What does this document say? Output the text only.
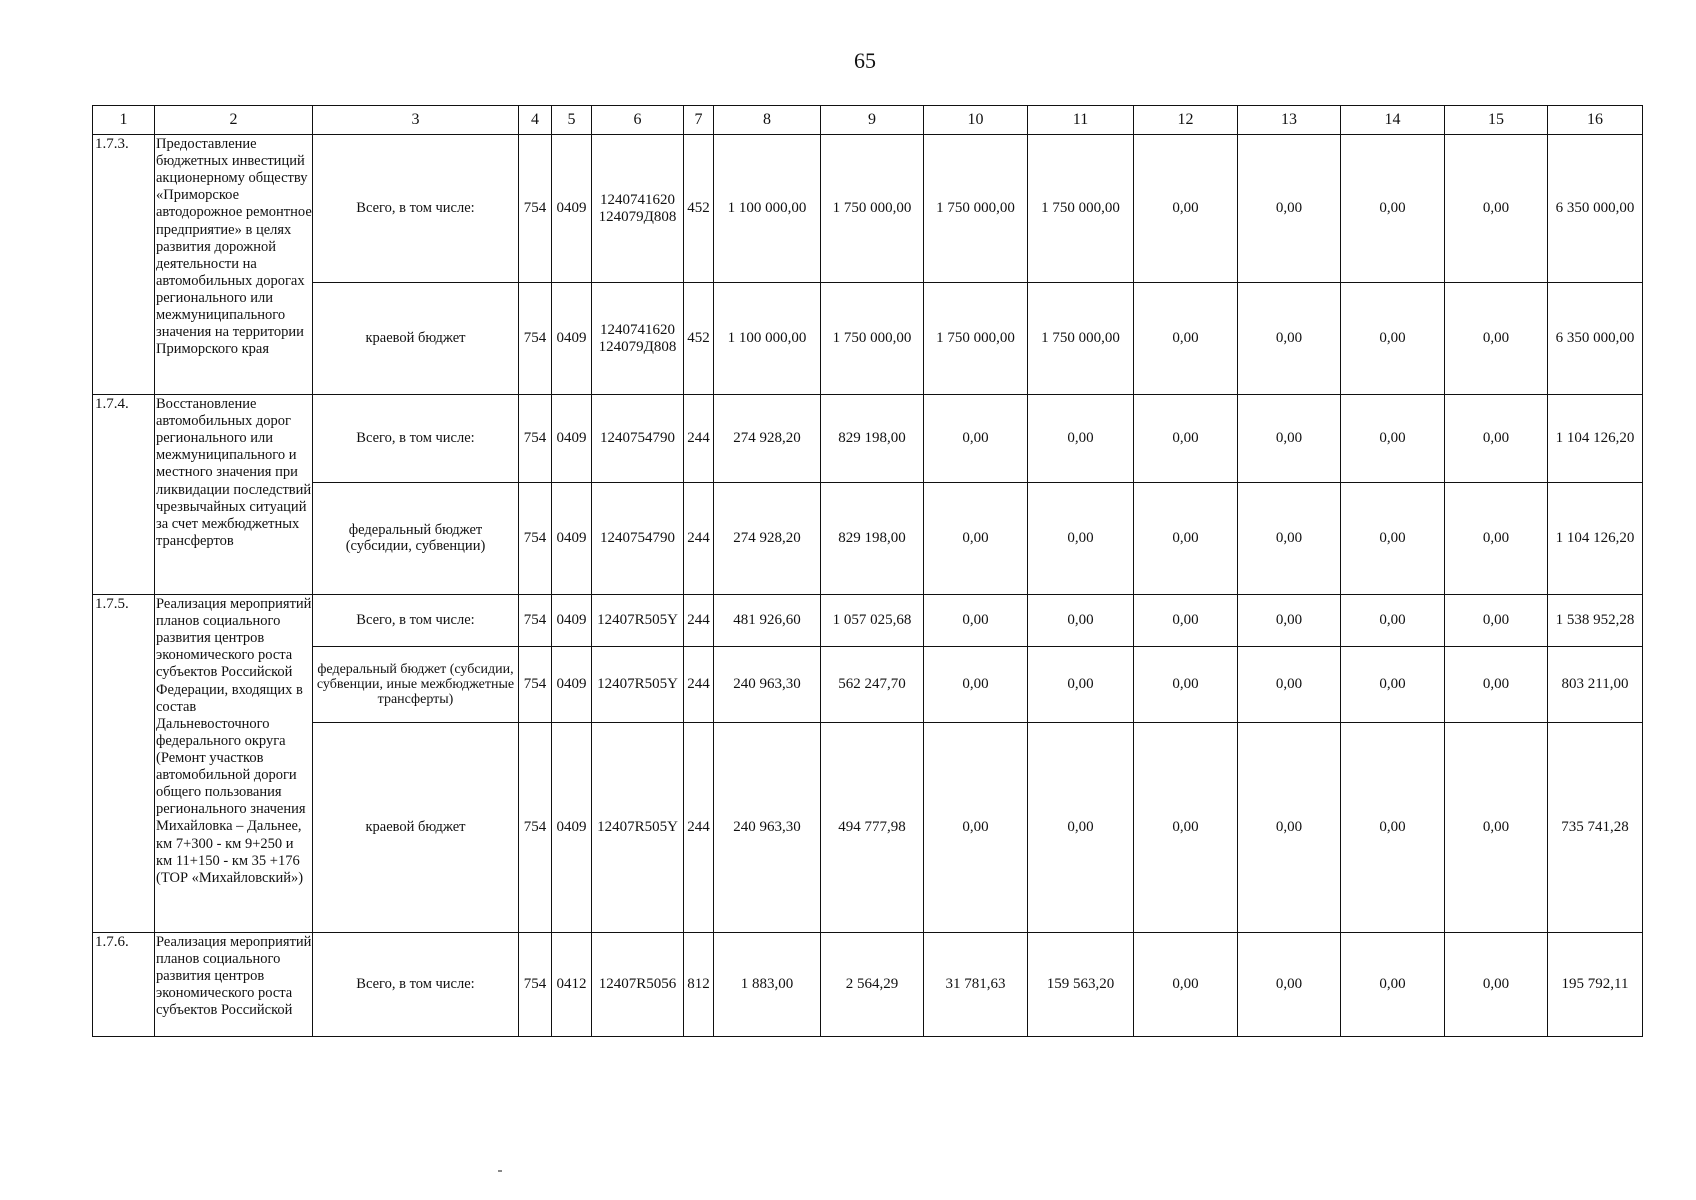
65
1	2	3	4	5	6	7	8	9	10	11	12	13	14	15	16
1.7.3.	Предоставление бюджетных инвестиций акционерному обществу «Приморское автодорожное ремонтное предприятие» в целях развития дорожной деятельности на автомобильных дорогах регионального или межмуниципального значения на территории Приморского края	Всего, в том числе:	754	0409	1240741620
124079Д808	452	1 100 000,00	1 750 000,00	1 750 000,00	1 750 000,00	0,00	0,00	0,00	0,00	6 350 000,00
		краевой бюджет	754	0409	1240741620
124079Д808	452	1 100 000,00	1 750 000,00	1 750 000,00	1 750 000,00	0,00	0,00	0,00	0,00	6 350 000,00
1.7.4.	Восстановление автомобильных дорог регионального или межмуниципального и местного значения при ликвидации последствий чрезвычайных ситуаций за счет межбюджетных трансфертов	Всего, в том числе:	754	0409	1240754790	244	274 928,20	829 198,00	0,00	0,00	0,00	0,00	0,00	0,00	1 104 126,20
		федеральный бюджет (субсидии, субвенции)	754	0409	1240754790	244	274 928,20	829 198,00	0,00	0,00	0,00	0,00	0,00	0,00	1 104 126,20
1.7.5.	Реализация мероприятий планов социального развития центров экономического роста субъектов Российской Федерации, входящих в состав Дальневосточного федерального округа (Ремонт участков автомобильной дороги общего пользования регионального значения Михайловка – Дальнее, км 7+300 - км 9+250 и км 11+150 - км 35 +176 (ТОР «Михайловский»)	Всего, в том числе:	754	0409	12407R505Y	244	481 926,60	1 057 025,68	0,00	0,00	0,00	0,00	0,00	0,00	1 538 952,28
		федеральный бюджет (субсидии, субвенции, иные межбюджетные трансферты)	754	0409	12407R505Y	244	240 963,30	562 247,70	0,00	0,00	0,00	0,00	0,00	0,00	803 211,00
		краевой бюджет	754	0409	12407R505Y	244	240 963,30	494 777,98	0,00	0,00	0,00	0,00	0,00	0,00	735 741,28
1.7.6.	Реализация мероприятий планов социального развития центров экономического роста субъектов Российской	Всего, в том числе:	754	0412	12407R5056	812	1 883,00	2 564,29	31 781,63	159 563,20	0,00	0,00	0,00	0,00	195 792,11
